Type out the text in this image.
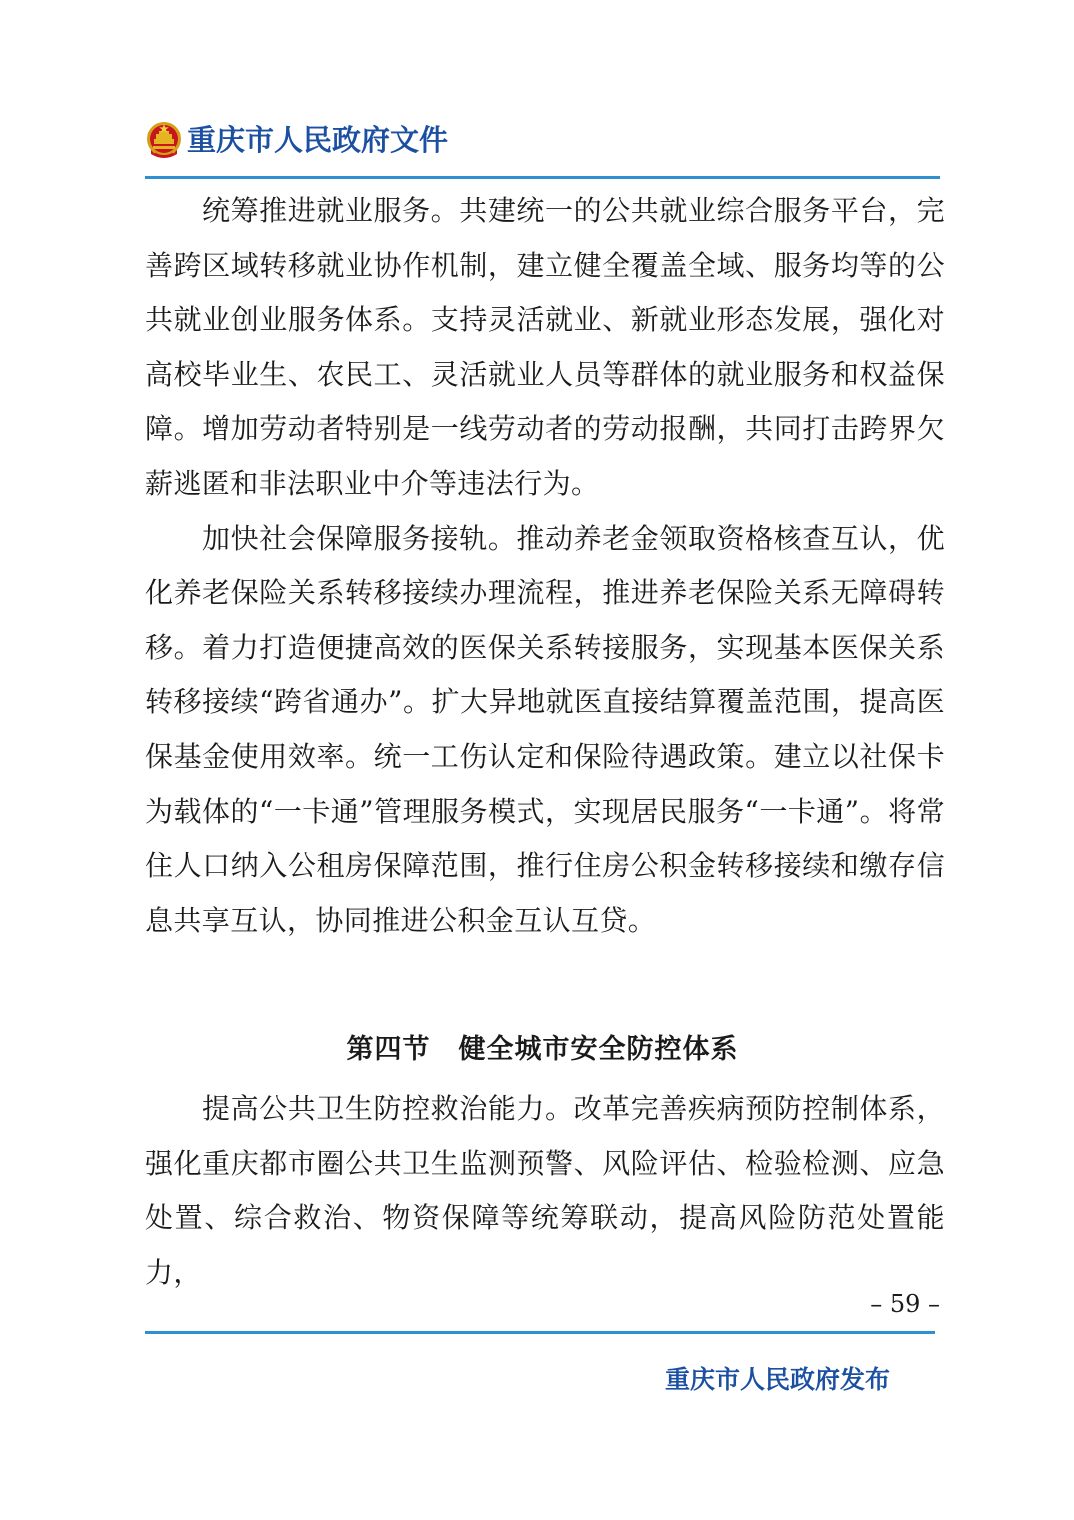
重庆市人民政府文件

统筹推进就业服务。共建统一的公共就业综合服务平台，完善跨区域转移就业协作机制，建立健全覆盖全域、服务均等的公共就业创业服务体系。支持灵活就业、新就业形态发展，强化对高校毕业生、农民工、灵活就业人员等群体的就业服务和权益保障。增加劳动者特别是一线劳动者的劳动报酬，共同打击跨界欠薪逃匿和非法职业中介等违法行为。

加快社会保障服务接轨。推动养老金领取资格核查互认，优化养老保险关系转移接续办理流程，推进养老保险关系无障碍转移。着力打造便捷高效的医保关系转接服务，实现基本医保关系转移接续“跨省通办”。扩大异地就医直接结算覆盖范围，提高医保基金使用效率。统一工伤认定和保险待遇政策。建立以社保卡为载体的“一卡通”管理服务模式，实现居民服务“一卡通”。将常住人口纳入公租房保障范围，推行住房公积金转移接续和缴存信息共享互认，协同推进公积金互认互贷。

第四节　健全城市安全防控体系

提高公共卫生防控救治能力。改革完善疾病预防控制体系，强化重庆都市圈公共卫生监测预警、风险评估、检验检测、应急处置、综合救治、物资保障等统筹联动，提高风险防范处置能力，

– 59 –
重庆市人民政府发布
